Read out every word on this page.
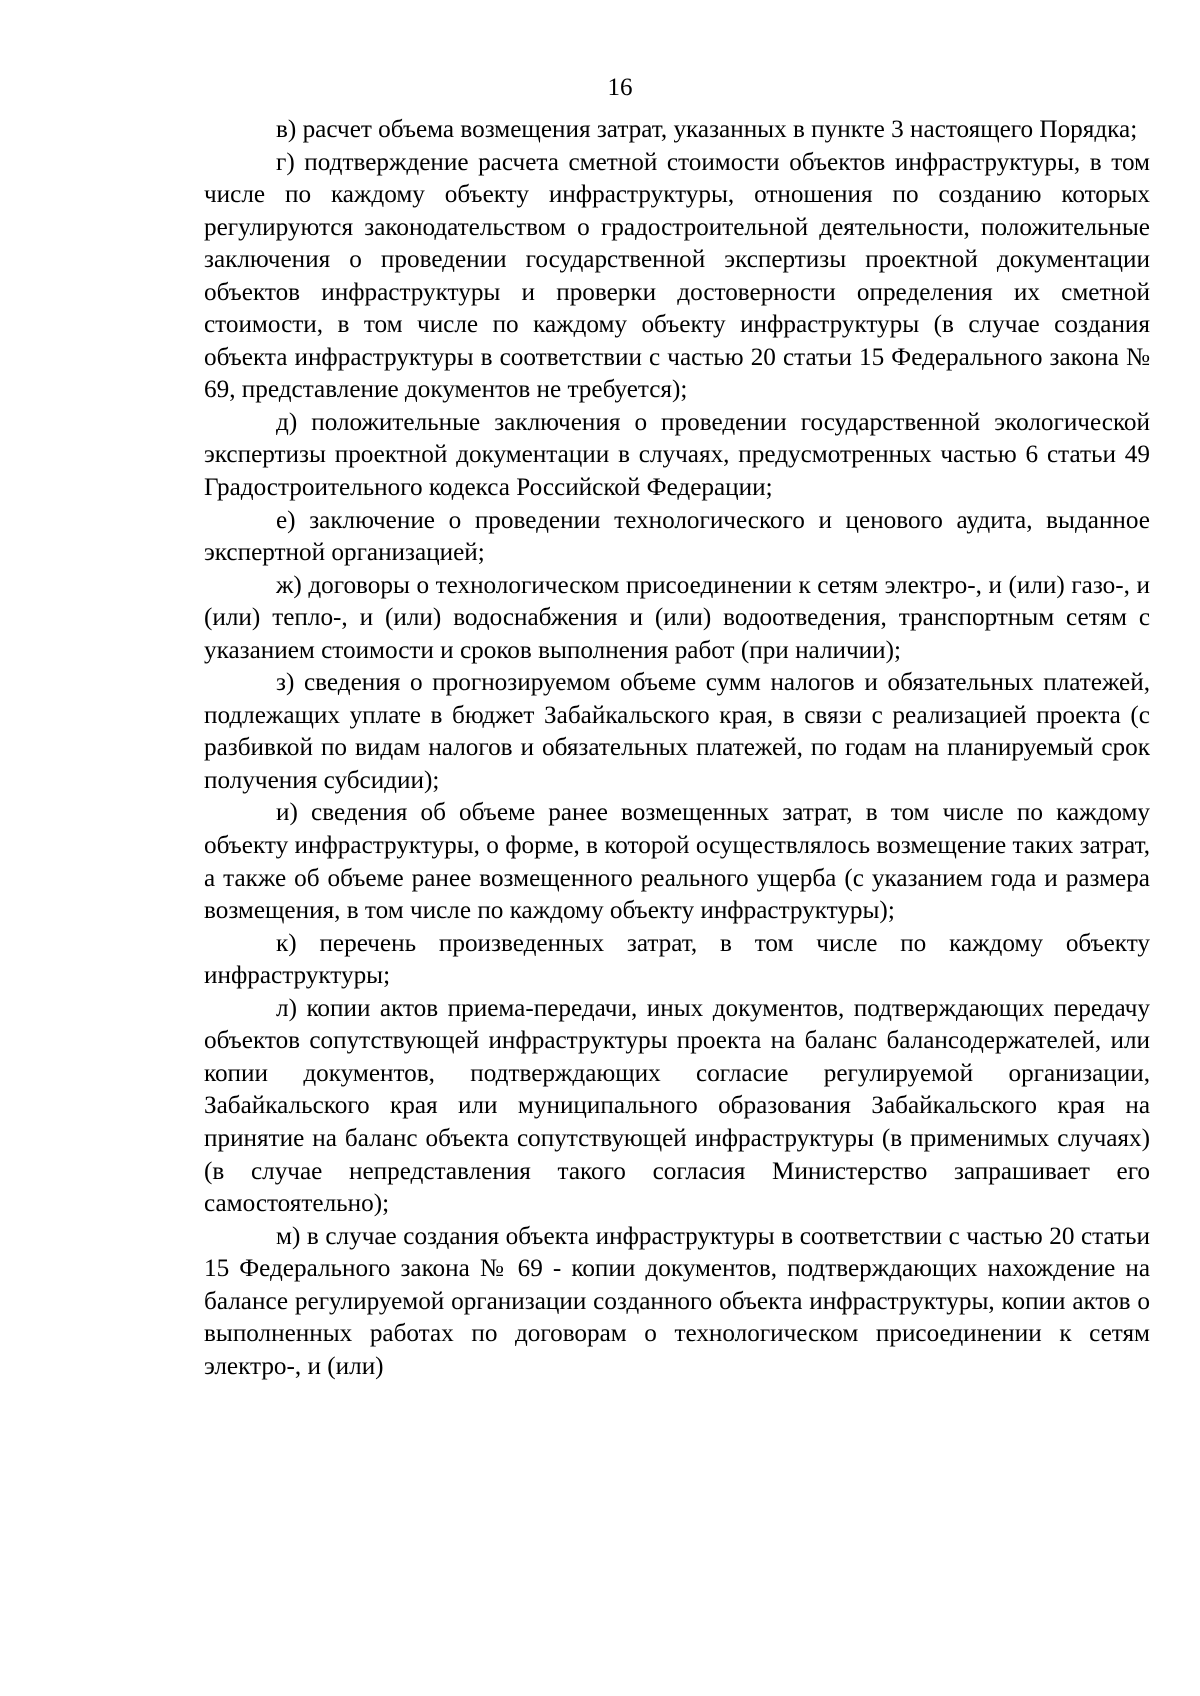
16

в) расчет объема возмещения затрат, указанных в пункте 3 настоящего Порядка;

г) подтверждение расчета сметной стоимости объектов инфраструктуры, в том числе по каждому объекту инфраструктуры, отношения по созданию которых регулируются законодательством о градостроительной деятельности, положительные заключения о проведении государственной экспертизы проектной документации объектов инфраструктуры и проверки достоверности определения их сметной стоимости, в том числе по каждому объекту инфраструктуры (в случае создания объекта инфраструктуры в соответствии с частью 20 статьи 15 Федерального закона № 69, представление документов не требуется);

д) положительные заключения о проведении государственной экологической экспертизы проектной документации в случаях, предусмотренных частью 6 статьи 49 Градостроительного кодекса Российской Федерации;

е) заключение о проведении технологического и ценового аудита, выданное экспертной организацией;

ж) договоры о технологическом присоединении к сетям электро-, и (или) газо-, и (или) тепло-, и (или) водоснабжения и (или) водоотведения, транспортным сетям с указанием стоимости и сроков выполнения работ (при наличии);

з) сведения о прогнозируемом объеме сумм налогов и обязательных платежей, подлежащих уплате в бюджет Забайкальского края, в связи с реализацией проекта (с разбивкой по видам налогов и обязательных платежей, по годам на планируемый срок получения субсидии);

и) сведения об объеме ранее возмещенных затрат, в том числе по каждому объекту инфраструктуры, о форме, в которой осуществлялось возмещение таких затрат, а также об объеме ранее возмещенного реального ущерба (с указанием года и размера возмещения, в том числе по каждому объекту инфраструктуры);

к) перечень произведенных затрат, в том числе по каждому объекту инфраструктуры;

л) копии актов приема-передачи, иных документов, подтверждающих передачу объектов сопутствующей инфраструктуры проекта на баланс балансодержателей, или копии документов, подтверждающих согласие регулируемой организации, Забайкальского края или муниципального образования Забайкальского края на принятие на баланс объекта сопутствующей инфраструктуры (в применимых случаях) (в случае непредставления такого согласия Министерство запрашивает его самостоятельно);

м) в случае создания объекта инфраструктуры в соответствии с частью 20 статьи 15 Федерального закона № 69 - копии документов, подтверждающих нахождение на балансе регулируемой организации созданного объекта инфраструктуры, копии актов о выполненных работах по договорам о технологическом присоединении к сетям электро-, и (или)
